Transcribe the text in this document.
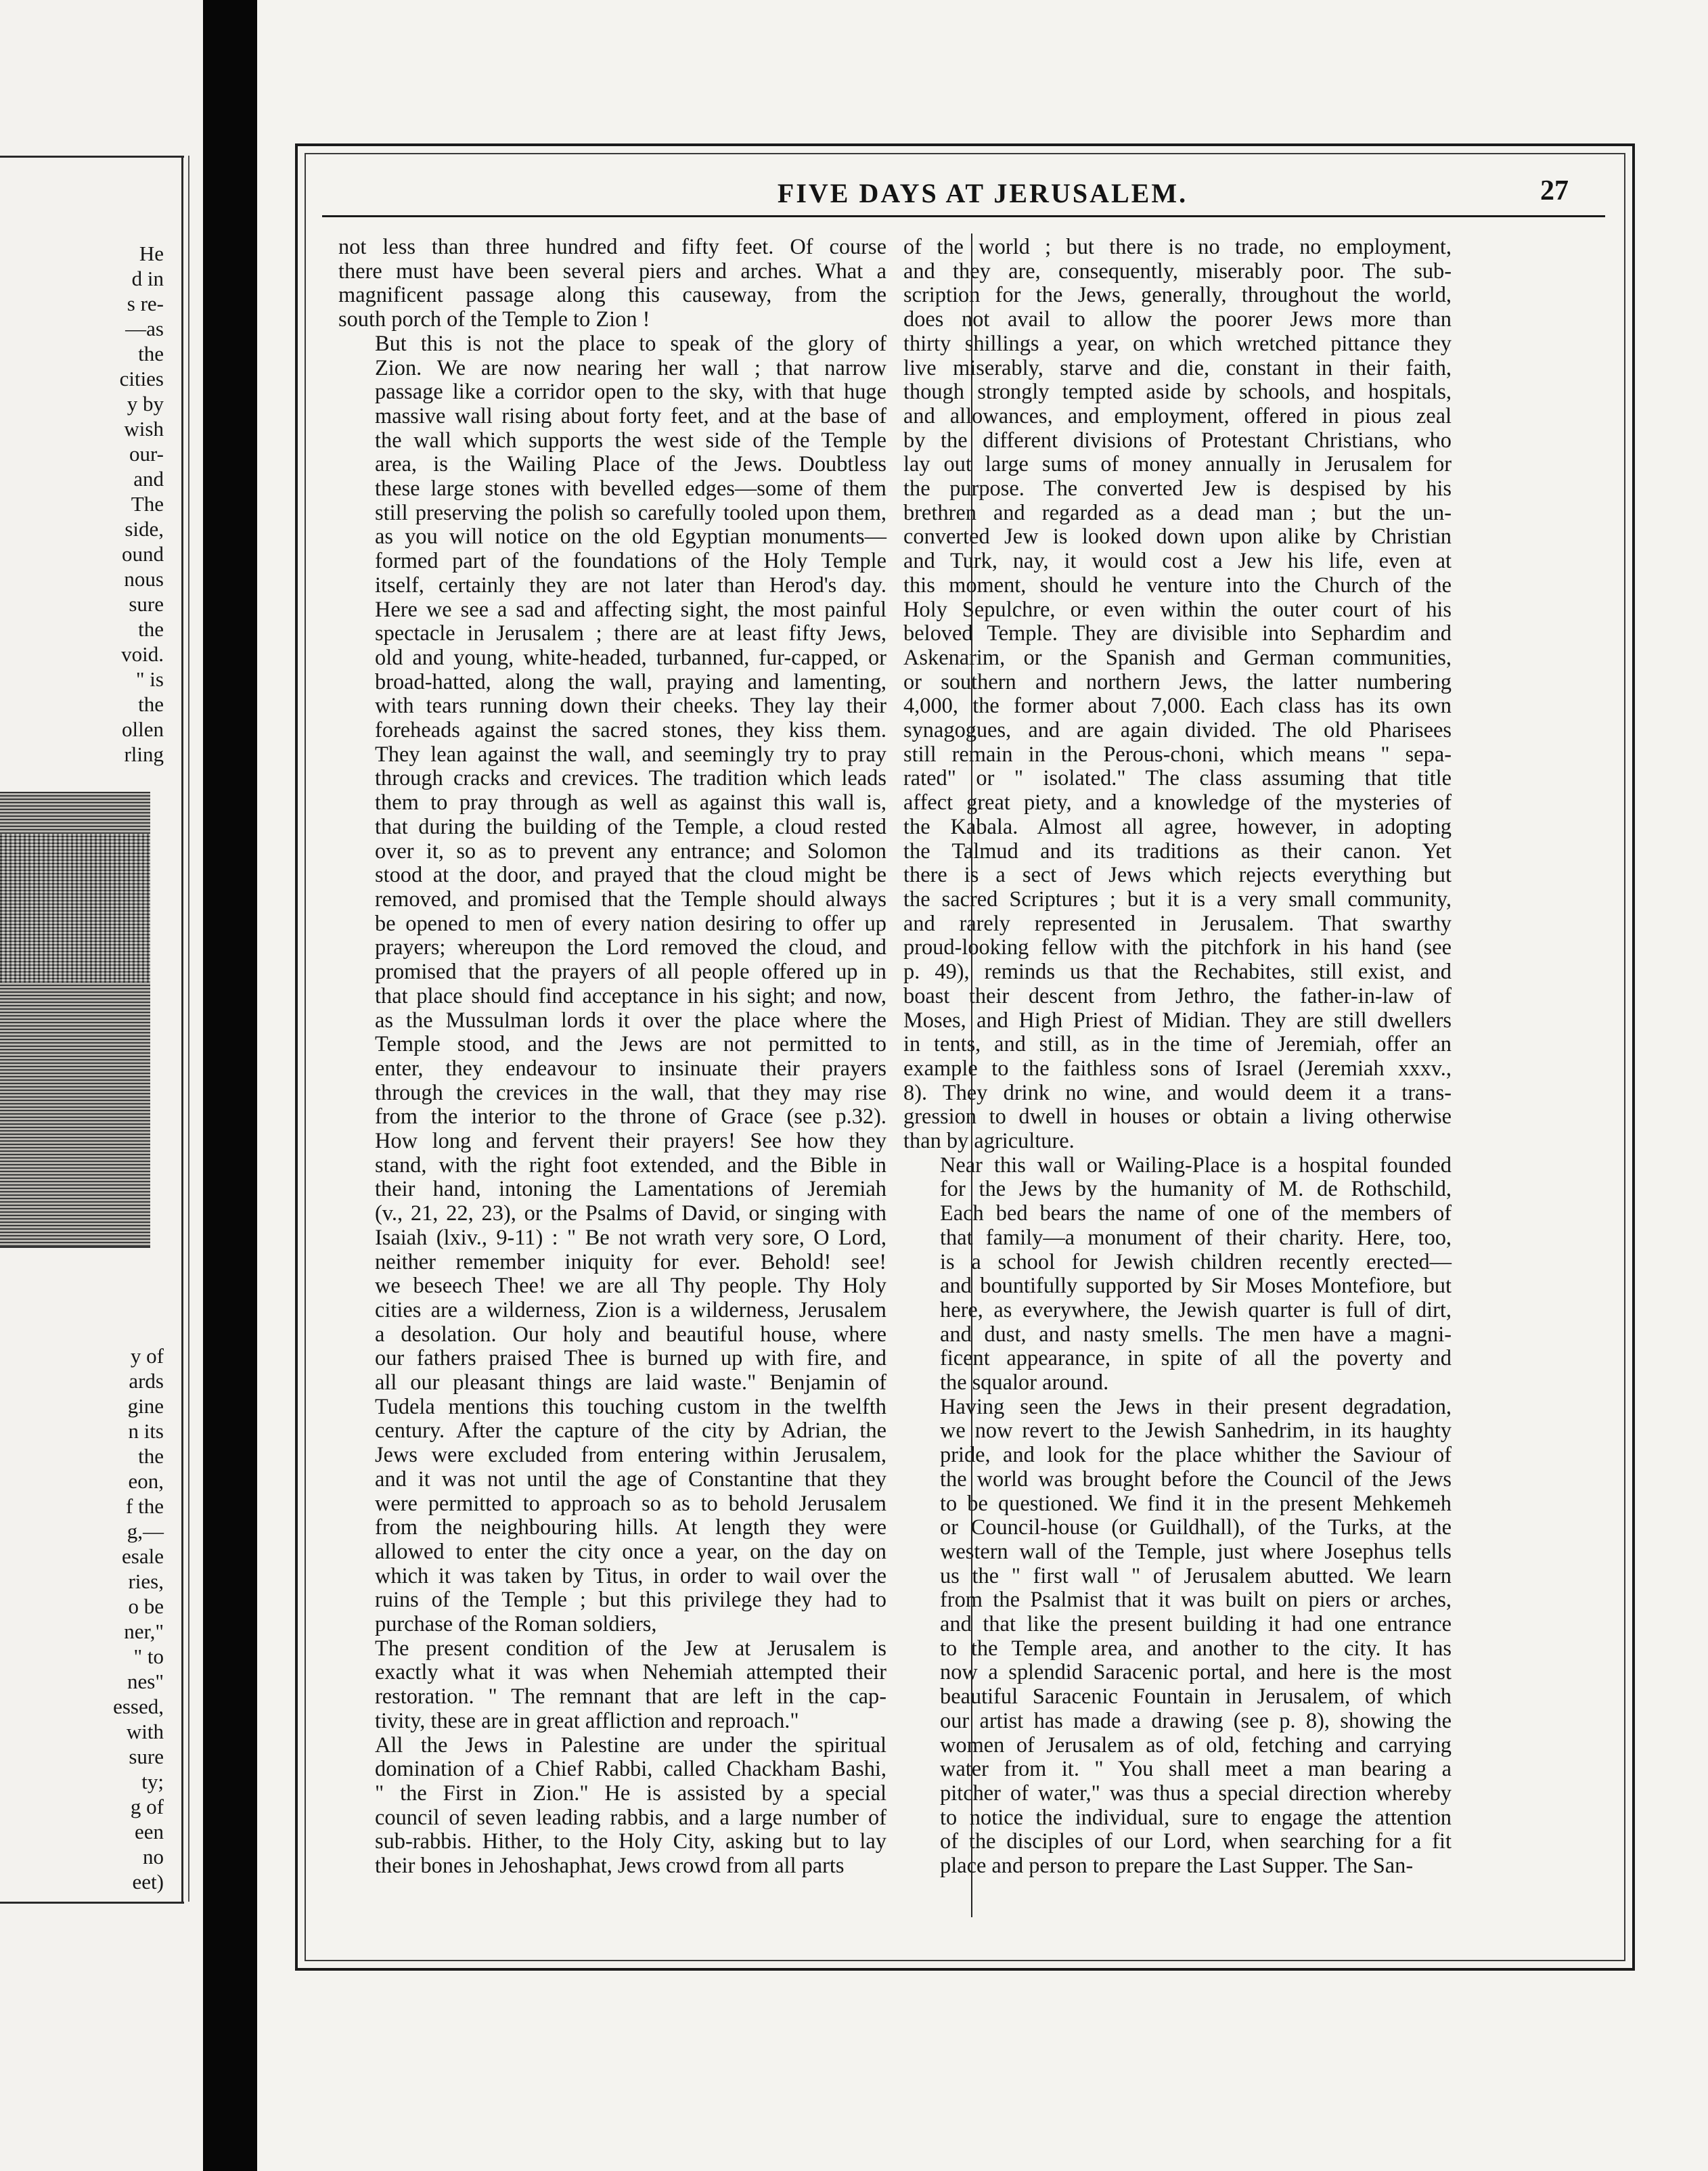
He
d in
s re-
—as
the
cities
y by
wish
our-
and
The
side,
ound
nous
sure
the
void.
" is
the
ollen
rling
y of
ards
gine
n its
the
eon,
f the
g,—
esale
ries,
o be
ner,"
" to
nes"
essed,
with
sure
ty;
g of
een
no
eet)
FIVE DAYS AT JERUSALEM.	27

not less than three hundred and fifty feet. Of course
there must have been several piers and arches. What a
magnificent passage along this causeway, from the
south porch of the Temple to Zion !

But this is not the place to speak of the glory of
Zion. We are now nearing her wall ; that narrow
passage like a corridor open to the sky, with that huge
massive wall rising about forty feet, and at the base of
the wall which supports the west side of the Temple
area, is the Wailing Place of the Jews. Doubtless
these large stones with bevelled edges—some of them
still preserving the polish so carefully tooled upon them,
as you will notice on the old Egyptian monuments—
formed part of the foundations of the Holy Temple
itself, certainly they are not later than Herod's day.
Here we see a sad and affecting sight, the most painful
spectacle in Jerusalem ; there are at least fifty Jews,
old and young, white-headed, turbanned, fur-capped, or
broad-hatted, along the wall, praying and lamenting,
with tears running down their cheeks. They lay their
foreheads against the sacred stones, they kiss them.
They lean against the wall, and seemingly try to pray
through cracks and crevices. The tradition which leads
them to pray through as well as against this wall is,
that during the building of the Temple, a cloud rested
over it, so as to prevent any entrance; and Solomon
stood at the door, and prayed that the cloud might be
removed, and promised that the Temple should always
be opened to men of every nation desiring to offer up
prayers; whereupon the Lord removed the cloud, and
promised that the prayers of all people offered up in
that place should find acceptance in his sight; and now,
as the Mussulman lords it over the place where the
Temple stood, and the Jews are not permitted to
enter, they endeavour to insinuate their prayers
through the crevices in the wall, that they may rise
from the interior to the throne of Grace (see p.32).
How long and fervent their prayers! See how they
stand, with the right foot extended, and the Bible in
their hand, intoning the Lamentations of Jeremiah
(v., 21, 22, 23), or the Psalms of David, or singing with
Isaiah (lxiv., 9-11) : " Be not wrath very sore, O Lord,
neither remember iniquity for ever. Behold! see!
we beseech Thee! we are all Thy people. Thy Holy
cities are a wilderness, Zion is a wilderness, Jerusalem
a desolation. Our holy and beautiful house, where
our fathers praised Thee is burned up with fire, and
all our pleasant things are laid waste." Benjamin of
Tudela mentions this touching custom in the twelfth
century. After the capture of the city by Adrian, the
Jews were excluded from entering within Jerusalem,
and it was not until the age of Constantine that they
were permitted to approach so as to behold Jerusalem
from the neighbouring hills. At length they were
allowed to enter the city once a year, on the day on
which it was taken by Titus, in order to wail over the
ruins of the Temple ; but this privilege they had to
purchase of the Roman soldiers,

The present condition of the Jew at Jerusalem is
exactly what it was when Nehemiah attempted their
restoration. " The remnant that are left in the cap-
tivity, these are in great affliction and reproach."

All the Jews in Palestine are under the spiritual
domination of a Chief Rabbi, called Chackham Bashi,
" the First in Zion." He is assisted by a special
council of seven leading rabbis, and a large number of
sub-rabbis. Hither, to the Holy City, asking but to lay
their bones in Jehoshaphat, Jews crowd from all parts

of the world ; but there is no trade, no employment,
and they are, consequently, miserably poor. The sub-
scription for the Jews, generally, throughout the world,
does not avail to allow the poorer Jews more than
thirty shillings a year, on which wretched pittance they
live miserably, starve and die, constant in their faith,
though strongly tempted aside by schools, and hospitals,
and allowances, and employment, offered in pious zeal
by the different divisions of Protestant Christians, who
lay out large sums of money annually in Jerusalem for
the purpose. The converted Jew is despised by his
brethren and regarded as a dead man ; but the un-
converted Jew is looked down upon alike by Christian
and Turk, nay, it would cost a Jew his life, even at
this moment, should he venture into the Church of the
Holy Sepulchre, or even within the outer court of his
beloved Temple. They are divisible into Sephardim and
Askenarim, or the Spanish and German communities,
or southern and northern Jews, the latter numbering
4,000, the former about 7,000. Each class has its own
synagogues, and are again divided. The old Pharisees
still remain in the Perous-choni, which means " sepa-
rated" or " isolated." The class assuming that title
affect great piety, and a knowledge of the mysteries of
the Kabala. Almost all agree, however, in adopting
the Talmud and its traditions as their canon. Yet
there is a sect of Jews which rejects everything but
the sacred Scriptures ; but it is a very small community,
and rarely represented in Jerusalem. That swarthy
proud-looking fellow with the pitchfork in his hand (see
p. 49), reminds us that the Rechabites, still exist, and
boast their descent from Jethro, the father-in-law of
Moses, and High Priest of Midian. They are still dwellers
in tents, and still, as in the time of Jeremiah, offer an
example to the faithless sons of Israel (Jeremiah xxxv.,
8). They drink no wine, and would deem it a trans-
gression to dwell in houses or obtain a living otherwise
than by agriculture.

Near this wall or Wailing-Place is a hospital founded
for the Jews by the humanity of M. de Rothschild,
Each bed bears the name of one of the members of
that family—a monument of their charity. Here, too,
is a school for Jewish children recently erected—
and bountifully supported by Sir Moses Montefiore, but
here, as everywhere, the Jewish quarter is full of dirt,
and dust, and nasty smells. The men have a magni-
ficent appearance, in spite of all the poverty and
the squalor around.

Having seen the Jews in their present degradation,
we now revert to the Jewish Sanhedrim, in its haughty
pride, and look for the place whither the Saviour of
the world was brought before the Council of the Jews
to be questioned. We find it in the present Mehkemeh
or Council-house (or Guildhall), of the Turks, at the
western wall of the Temple, just where Josephus tells
us the " first wall " of Jerusalem abutted. We learn
from the Psalmist that it was built on piers or arches,
and that like the present building it had one entrance
to the Temple area, and another to the city. It has
now a splendid Saracenic portal, and here is the most
beautiful Saracenic Fountain in Jerusalem, of which
our artist has made a drawing (see p. 8), showing the
women of Jerusalem as of old, fetching and carrying
water from it. " You shall meet a man bearing a
pitcher of water," was thus a special direction whereby
to notice the individual, sure to engage the attention
of the disciples of our Lord, when searching for a fit
place and person to prepare the Last Supper. The San-
